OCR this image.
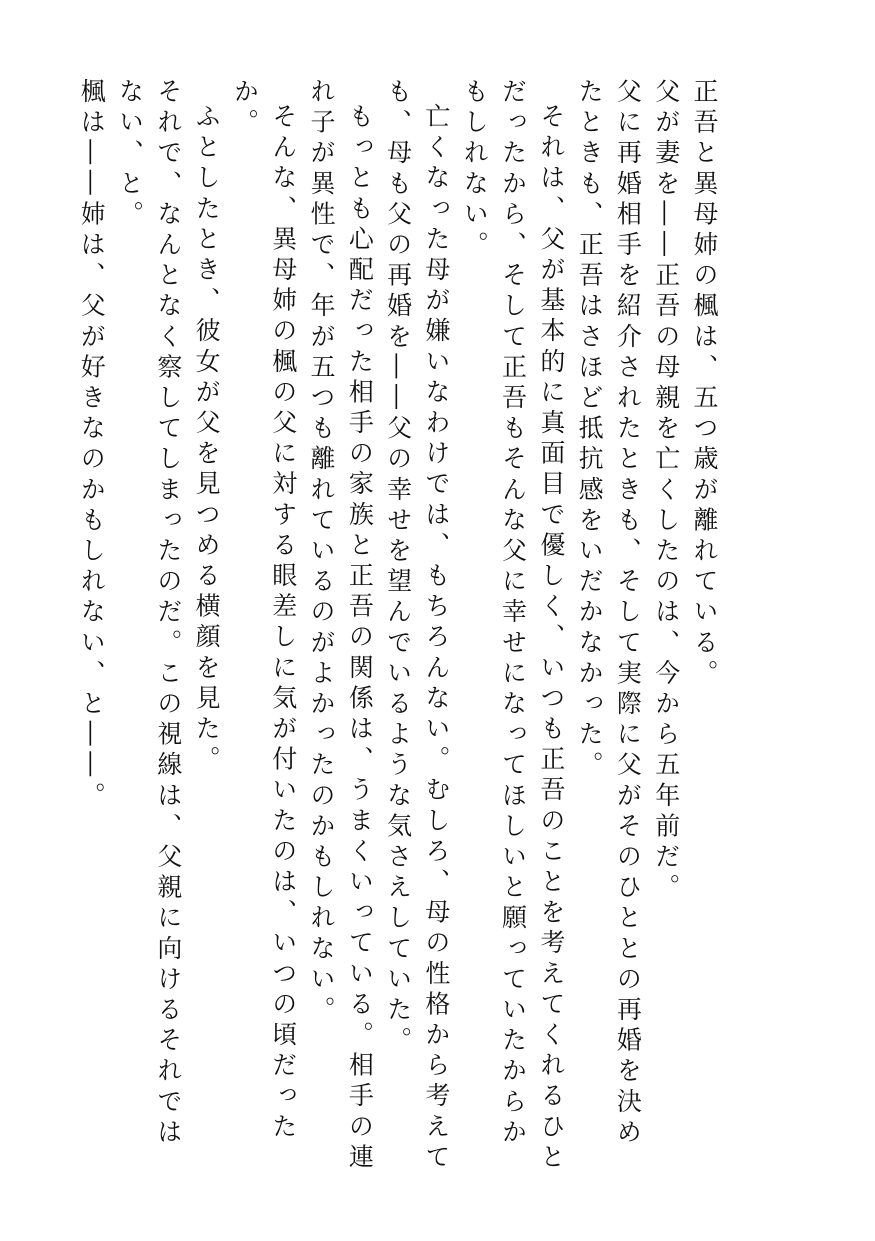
正吾と異母姉の楓は、五つ歳が離れている。

父が妻を――正吾の母親を亡くしたのは、今から五年前だ。

父に再婚相手を紹介されたときも、そして実際に父がそのひととの再婚を決めたときも、正吾はさほど抵抗感をいだかなかった。

それは、父が基本的に真面目で優しく、いつも正吾のことを考えてくれるひとだったから、そして正吾もそんな父に幸せになってほしいと願っていたからかもしれない。

亡くなった母が嫌いなわけでは、もちろんない。むしろ、母の性格から考えても、母も父の再婚を――父の幸せを望んでいるような気さえしていた。

もっとも心配だった相手の家族と正吾の関係は、うまくいっている。相手の連れ子が異性で、年が五つも離れているのがよかったのかもしれない。

そんな、異母姉の楓の父に対する眼差しに気が付いたのは、いつの頃だったか。

ふとしたとき、彼女が父を見つめる横顔を見た。

それで、なんとなく察してしまったのだ。この視線は、父親に向けるそれではない、と。

楓は――姉は、父が好きなのかもしれない、と――。
